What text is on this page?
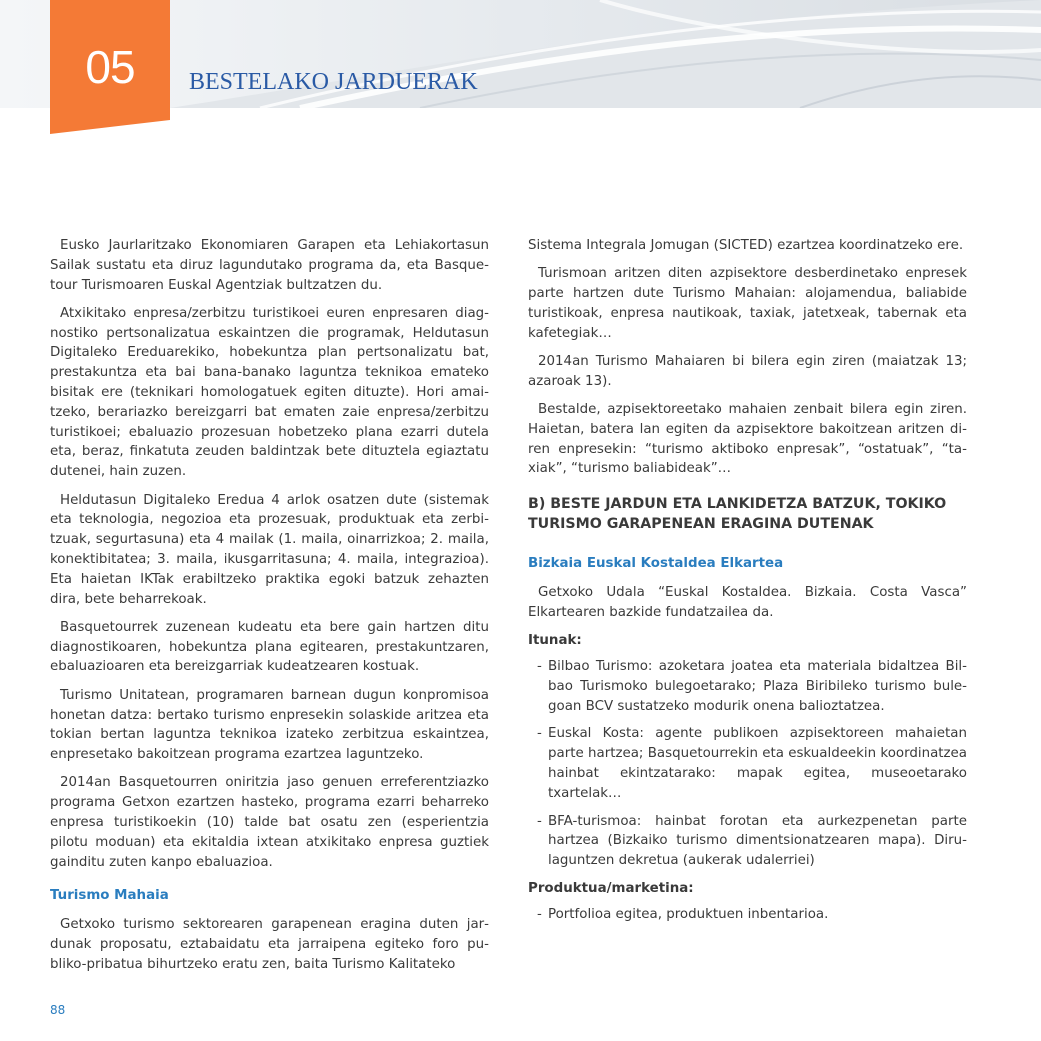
05	BESTELAKO JARDUERAK

Eusko Jaurlaritzako Ekonomiaren Garapen eta Lehiakortasun Sailak sustatu eta diruz lagundutako programa da, eta Basquetour Turismoaren Euskal Agentziak bultzatzen du.

Atxikitako enpresa/zerbitzu turistikoei euren enpresaren diagnostiko pertsonalizatua eskaintzen die programak, Heldutasun Digitaleko Ereduarekiko, hobekuntza plan pertsonalizatu bat, prestakuntza eta bai bana-banako laguntza teknikoa emateko bisitak ere (teknikari homologatuek egiten dituzte). Hori amaitzeko, berariazko bereizgarri bat ematen zaie enpresa/zerbitzu turistikoei; ebaluazio prozesuan hobetzeko plana ezarri dutela eta, beraz, finkatuta zeuden baldintzak bete dituztela egiaztatu dutenei, hain zuzen.

Heldutasun Digitaleko Eredua 4 arlok osatzen dute (sistemak eta teknologia, negozioa eta prozesuak, produktuak eta zerbitzuak, segurtasuna) eta 4 mailak (1. maila, oinarrizkoa; 2. maila, konektibitatea; 3. maila, ikusgarritasuna; 4. maila, integrazioa). Eta haietan IKTak erabiltzeko praktika egoki batzuk zehazten dira, bete beharrekoak.

Basquetourrek zuzenean kudeatu eta bere gain hartzen ditu diagnostikoaren, hobekuntza plana egitearen, prestakuntzaren, ebaluazioaren eta bereizgarriak kudeatzearen kostuak.

Turismo Unitatean, programaren barnean dugun konpromisoa honetan datza: bertako turismo enpresekin solaskide aritzea eta tokian bertan laguntza teknikoa izateko zerbitzua eskaintzea, enpresetako bakoitzean programa ezartzea laguntzeko.

2014an Basquetourren oniritzia jaso genuen erreferentziazko programa Getxon ezartzen hasteko, programa ezarri beharreko enpresa turistikoekin (10) talde bat osatu zen (esperientzia pilotu moduan) eta ekitaldia ixtean atxikitako enpresa guztiek gainditu zuten kanpo ebaluazioa.

Turismo Mahaia

Getxoko turismo sektorearen garapenean eragina duten jardunak proposatu, eztabaidatu eta jarraipena egiteko foro publiko-pribatua bihurtzeko eratu zen, baita Turismo Kalitateko

Sistema Integrala Jomugan (SICTED) ezartzea koordinatzeko ere.

Turismoan aritzen diten azpisektore desberdinetako enpresek parte hartzen dute Turismo Mahaian: alojamendua, baliabide turistikoak, enpresa nautikoak, taxiak, jatetxeak, tabernak eta kafetegiak…

2014an Turismo Mahaiaren bi bilera egin ziren (maiatzak 13; azaroak 13).

Bestalde, azpisektoreetako mahaien zenbait bilera egin ziren. Haietan, batera lan egiten da azpisektore bakoitzean aritzen diren enpresekin: “turismo aktiboko enpresak”, “ostatuak”, “taxiak”, “turismo baliabideak”…

B) BESTE JARDUN ETA LANKIDETZA BATZUK, TOKIKO TURISMO GARAPENEAN ERAGINA DUTENAK
Bizkaia Euskal Kostaldea Elkartea

Getxoko Udala “Euskal Kostaldea. Bizkaia. Costa Vasca” Elkartearen bazkide fundatzailea da.

Itunak:
- Bilbao Turismo: azoketara joatea eta materiala bidaltzea Bilbao Turismoko bulegoetarako; Plaza Biribileko turismo bulegoan BCV sustatzeko modurik onena balioztatzea.
- Euskal Kosta: agente publikoen azpisektoreen mahaietan parte hartzea; Basquetourrekin eta eskualdeekin koordinatzea hainbat ekintzatarako: mapak egitea, museoetarako txartelak…
- BFA-turismoa: hainbat forotan eta aurkezpenetan parte hartzea (Bizkaiko turismo dimentsionatzearen mapa). Dirulaguntzen dekretua (aukerak udalerriei)
Produktua/marketina:
- Portfolioa egitea, produktuen inbentarioa.
88
